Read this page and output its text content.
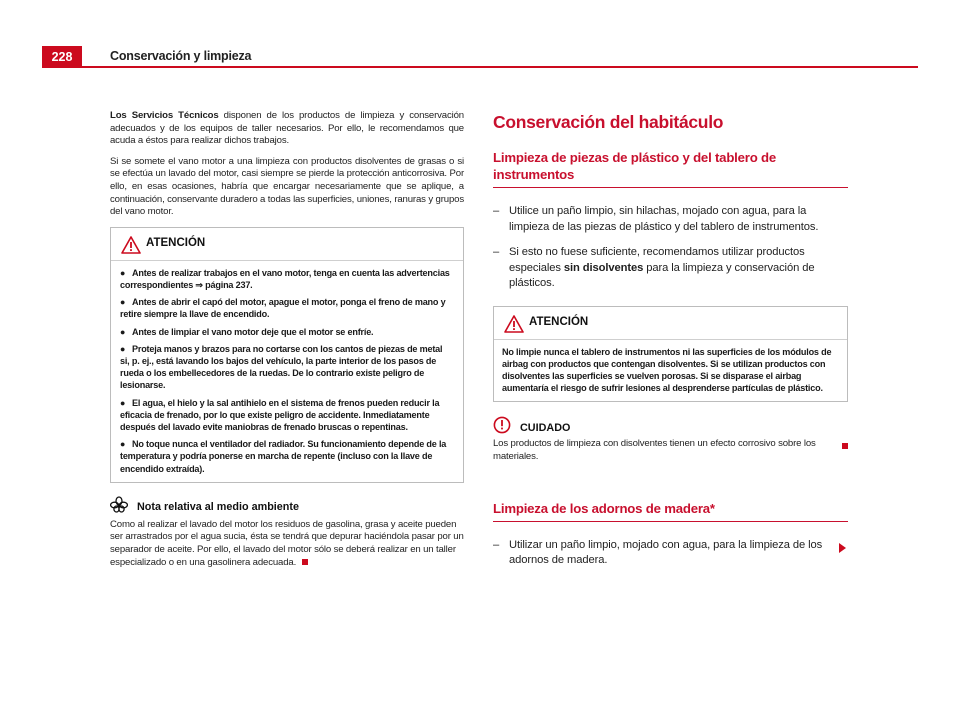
228	Conservación y limpieza

Los Servicios Técnicos disponen de los productos de limpieza y conservación adecuados y de los equipos de taller necesarios. Por ello, le recomendamos que acuda a éstos para realizar dichos trabajos.

Si se somete el vano motor a una limpieza con productos disolventes de grasas o si se efectúa un lavado del motor, casi siempre se pierde la protección anticorrosiva. Por ello, en esas ocasiones, habría que encargar necesariamente que se aplique, a continuación, conservante duradero a todas las superficies, uniones, ranuras y grupos del vano motor.

ATENCIÓN

● Antes de realizar trabajos en el vano motor, tenga en cuenta las advertencias correspondientes ⇒ página 237.

● Antes de abrir el capó del motor, apague el motor, ponga el freno de mano y retire siempre la llave de encendido.

● Antes de limpiar el vano motor deje que el motor se enfríe.

● Proteja manos y brazos para no cortarse con los cantos de piezas de metal si, p. ej., está lavando los bajos del vehículo, la parte interior de los pasos de rueda o los embellecedores de la ruedas. De lo contrario existe peligro de lesionarse.

● El agua, el hielo y la sal antihielo en el sistema de frenos pueden reducir la eficacia de frenado, por lo que existe peligro de accidente. Inmediatamente después del lavado evite maniobras de frenado bruscas o repentinas.

● No toque nunca el ventilador del radiador. Su funcionamiento depende de la temperatura y podría ponerse en marcha de repente (incluso con la llave de encendido extraída).

Nota relativa al medio ambiente

Como al realizar el lavado del motor los residuos de gasolina, grasa y aceite pueden ser arrastrados por el agua sucia, ésta se tendrá que depurar haciéndola pasar por un separador de aceite. Por ello, el lavado del motor sólo se deberá realizar en un taller especializado o en una gasolinera adecuada.

Conservación del habitáculo
Limpieza de piezas de plástico y del tablero de instrumentos

– Utilice un paño limpio, sin hilachas, mojado con agua, para la limpieza de las piezas de plástico y del tablero de instrumentos.

– Si esto no fuese suficiente, recomendamos utilizar productos especiales sin disolventes para la limpieza y conservación de plásticos.

ATENCIÓN

No limpie nunca el tablero de instrumentos ni las superficies de los módulos de airbag con productos que contengan disolventes. Si se utilizan productos con disolventes las superficies se vuelven porosas. Si se disparase el airbag aumentaría el riesgo de sufrir lesiones al desprenderse partículas de plástico.

CUIDADO

Los productos de limpieza con disolventes tienen un efecto corrosivo sobre los materiales.

Limpieza de los adornos de madera*

– Utilizar un paño limpio, mojado con agua, para la limpieza de los adornos de madera.
